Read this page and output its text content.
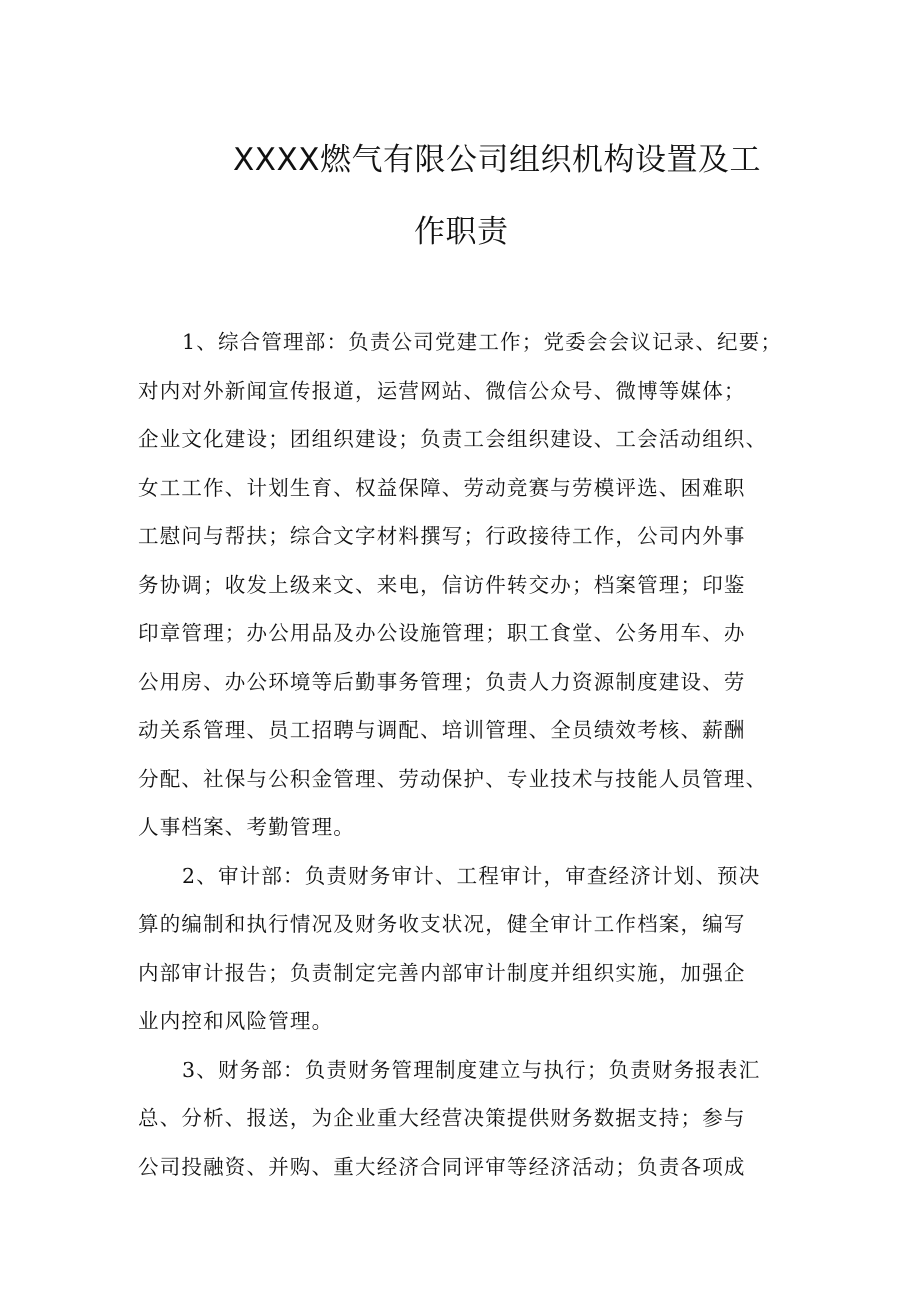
XXXX燃气有限公司组织机构设置及工
作职责

1、综合管理部：负责公司党建工作；党委会会议记录、纪要；
对内对外新闻宣传报道，运营网站、微信公众号、微博等媒体；
企业文化建设；团组织建设；负责工会组织建设、工会活动组织、
女工工作、计划生育、权益保障、劳动竞赛与劳模评选、困难职
工慰问与帮扶；综合文字材料撰写；行政接待工作，公司内外事
务协调；收发上级来文、来电，信访件转交办；档案管理；印鉴
印章管理；办公用品及办公设施管理；职工食堂、公务用车、办
公用房、办公环境等后勤事务管理；负责人力资源制度建设、劳
动关系管理、员工招聘与调配、培训管理、全员绩效考核、薪酬
分配、社保与公积金管理、劳动保护、专业技术与技能人员管理、
人事档案、考勤管理。

2、审计部：负责财务审计、工程审计，审查经济计划、预决
算的编制和执行情况及财务收支状况，健全审计工作档案，编写
内部审计报告；负责制定完善内部审计制度并组织实施，加强企
业内控和风险管理。

3、财务部：负责财务管理制度建立与执行；负责财务报表汇
总、分析、报送，为企业重大经营决策提供财务数据支持；参与
公司投融资、并购、重大经济合同评审等经济活动；负责各项成
